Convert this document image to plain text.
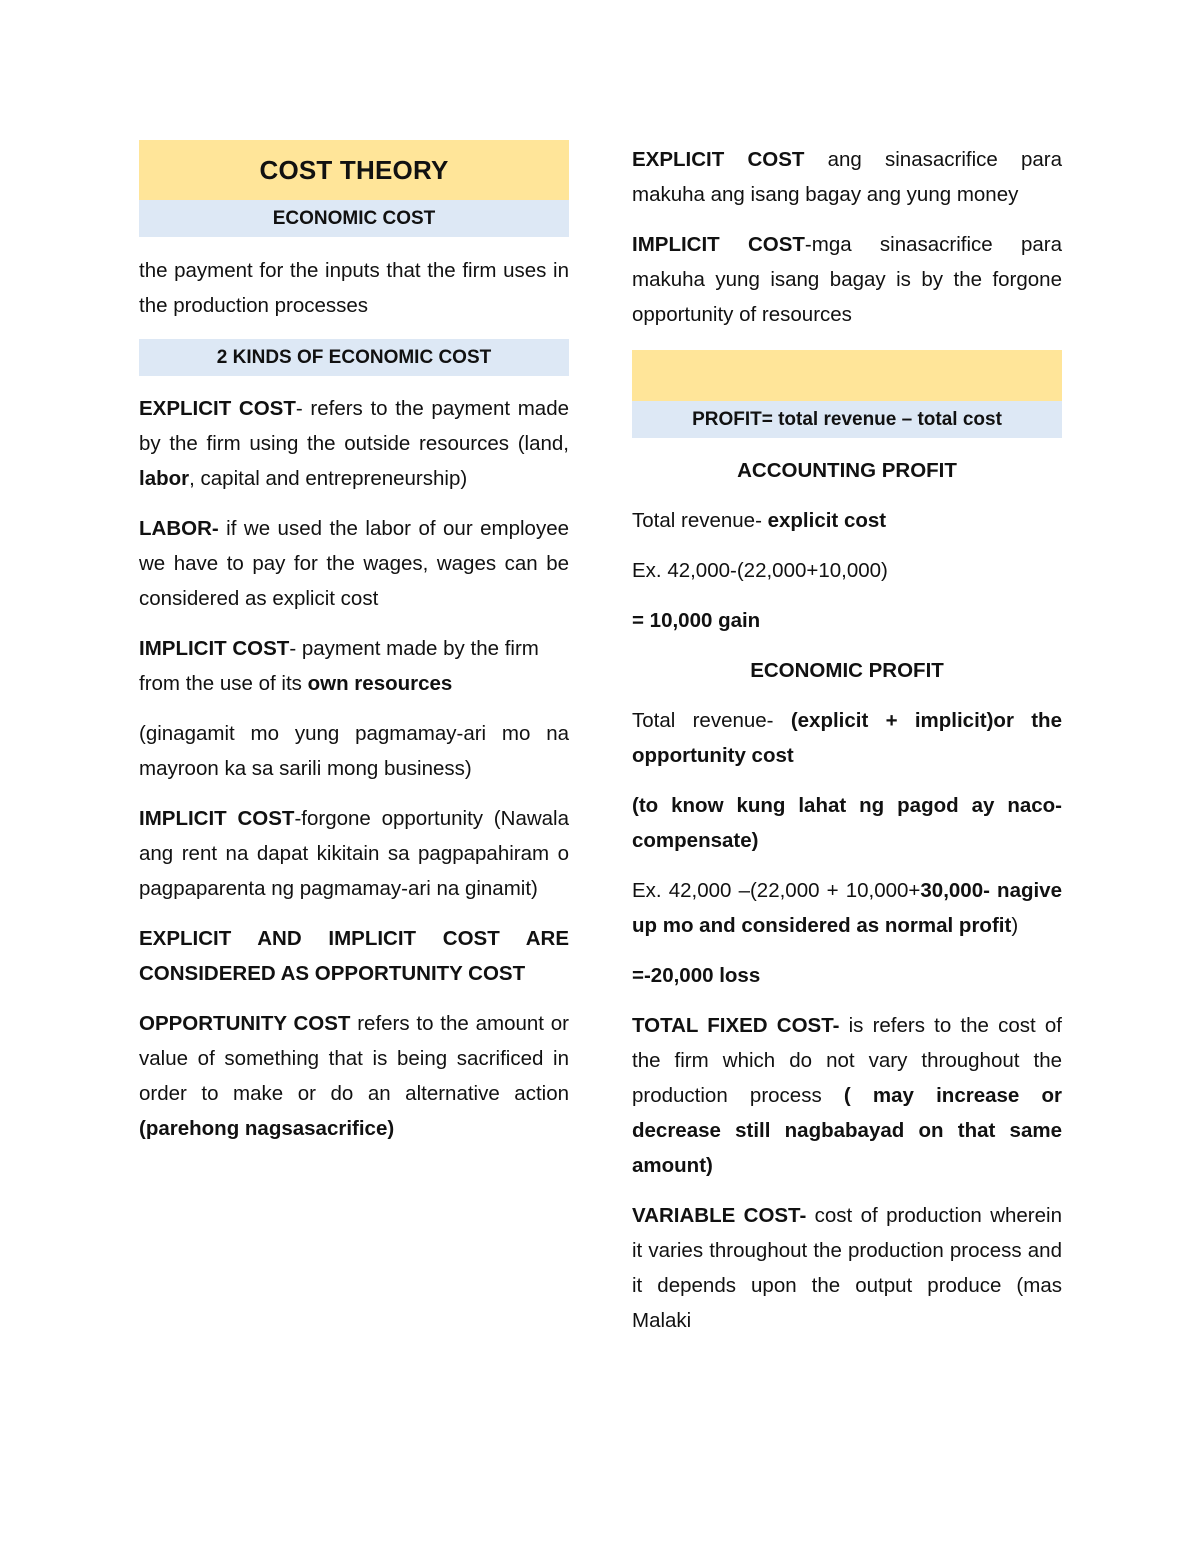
COST THEORY
ECONOMIC COST

the payment for the inputs that the firm uses in the production processes

2 KINDS OF ECONOMIC COST

EXPLICIT COST- refers to the payment made by the firm using the outside resources (land, labor, capital and entrepreneurship)

LABOR- if we used the labor of our employee we have to pay for the wages, wages can be considered as explicit cost

IMPLICIT COST- payment made by the firm from the use of its own resources

(ginagamit mo yung pagmamay-ari mo na mayroon ka sa sarili mong business)

IMPLICIT COST-forgone opportunity (Nawala ang rent na dapat kikitain sa pagpapahiram o pagpaparenta ng pagmamay-ari na ginamit)

EXPLICIT AND IMPLICIT COST ARE CONSIDERED AS OPPORTUNITY COST

OPPORTUNITY COST refers to the amount or value of something that is being sacrificed in order to make or do an alternative action (parehong nagsasacrifice)

EXPLICIT COST ang sinasacrifice para makuha ang isang bagay ang yung money

IMPLICIT COST-mga sinasacrifice para makuha yung isang bagay is by the forgone opportunity of resources

PROFIT= total revenue – total cost

ACCOUNTING PROFIT

Total revenue- explicit cost

Ex. 42,000-(22,000+10,000)

= 10,000 gain

ECONOMIC PROFIT

Total revenue- (explicit + implicit)or the opportunity cost

(to know kung lahat ng pagod ay naco-compensate)

Ex. 42,000 –(22,000 + 10,000+30,000- nagive up mo and considered as normal profit)

=-20,000 loss

TOTAL FIXED COST- is refers to the cost of the firm which do not vary throughout the production process ( may increase or decrease still nagbabayad on that same amount)

VARIABLE COST- cost of production wherein it varies throughout the production process and it depends upon the output produce (mas Malaki
